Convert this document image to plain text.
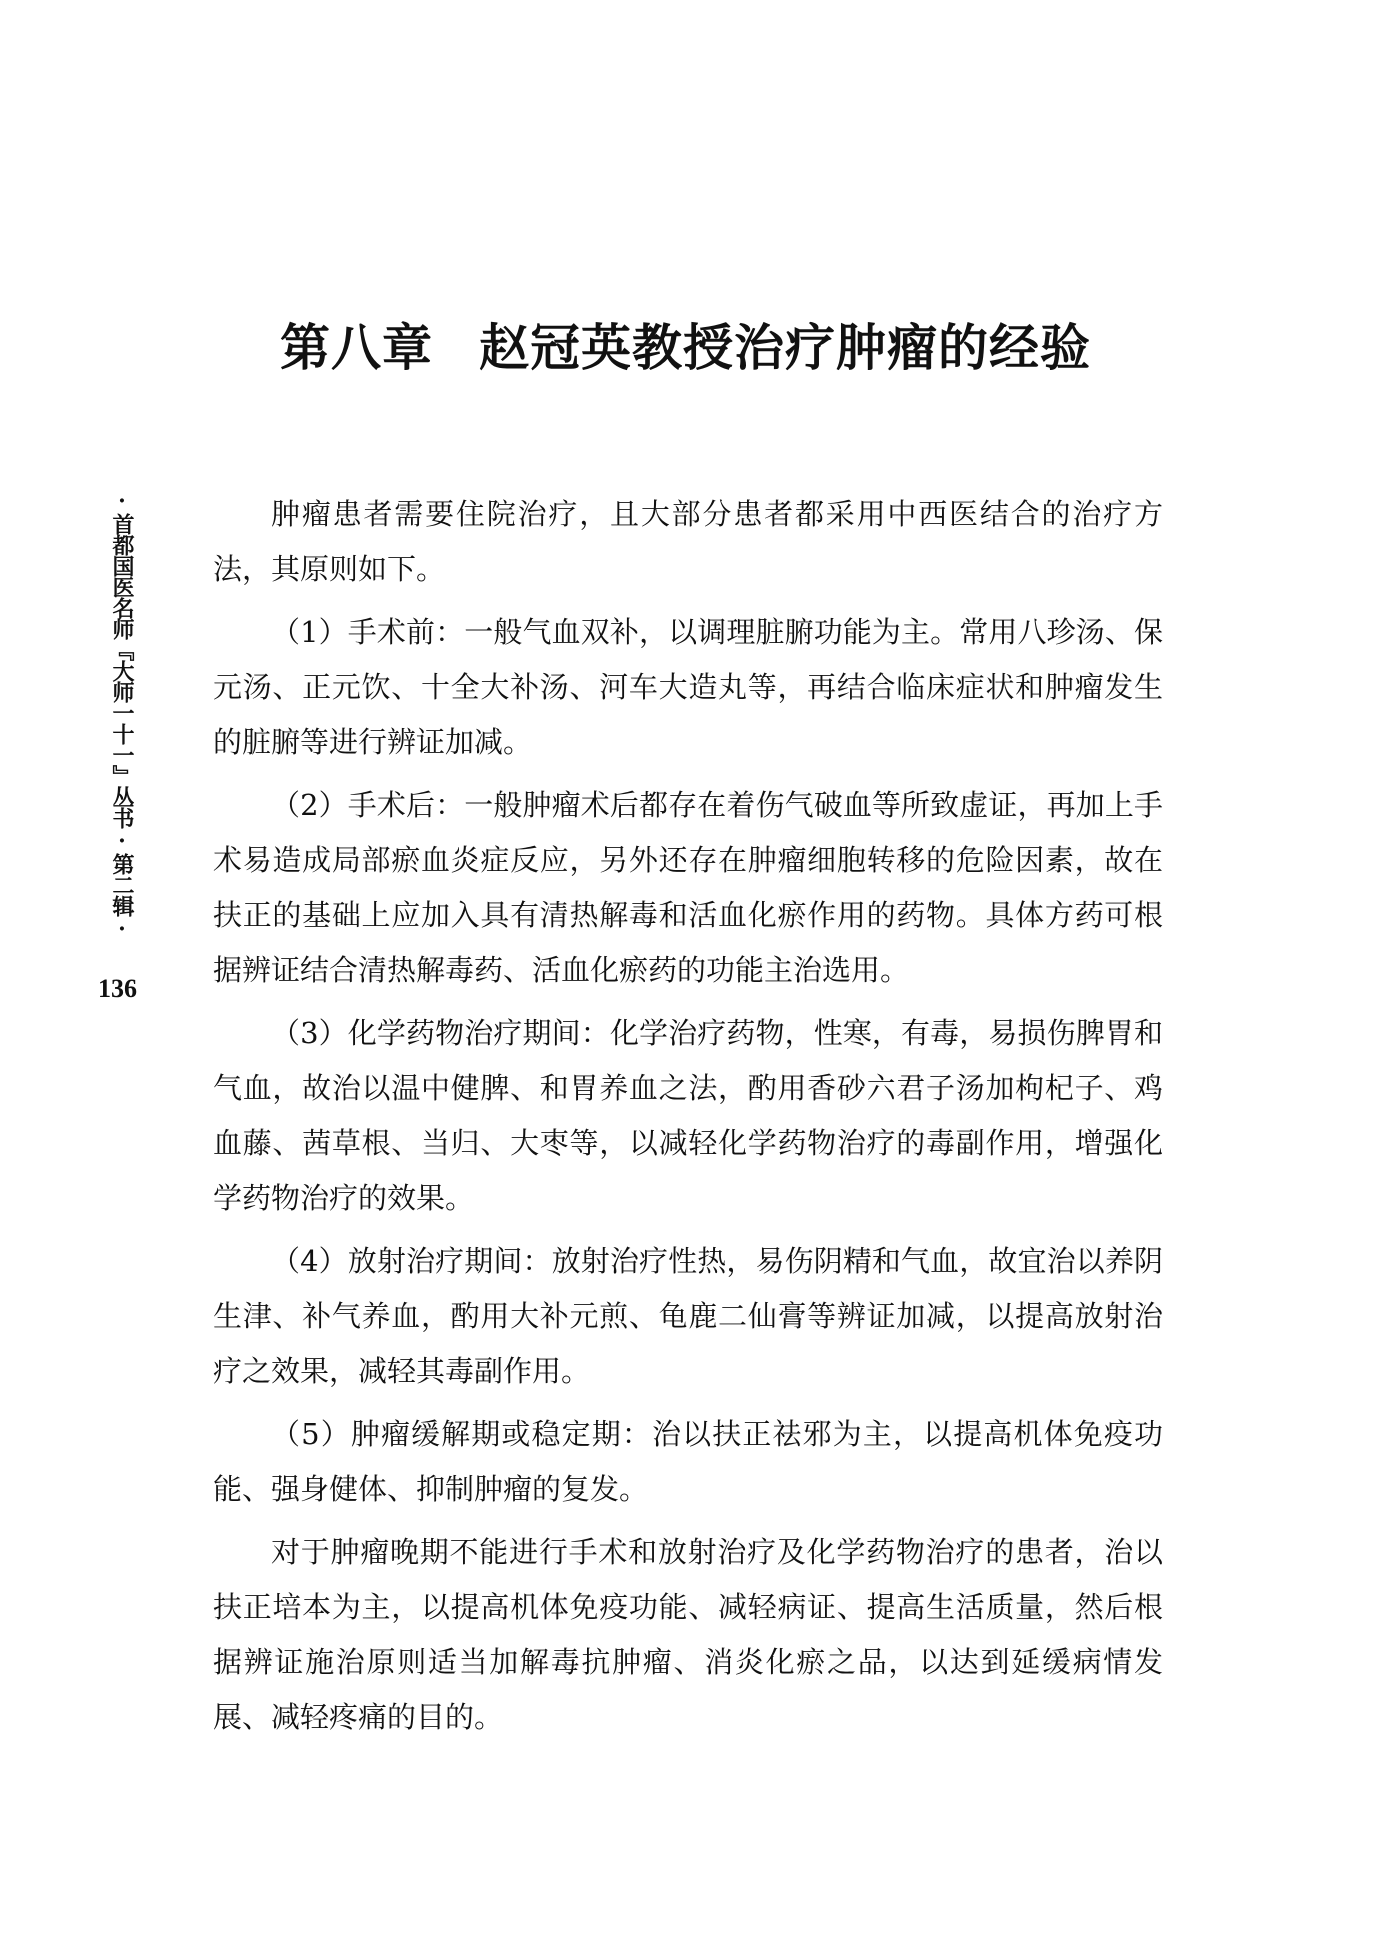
第八章 赵冠英教授治疗肿瘤的经验
·首都国医名师『大师一十一』丛书·第二辑·
136

肿瘤患者需要住院治疗，且大部分患者都采用中西医结合的治疗方法，其原则如下。

（1）手术前：一般气血双补，以调理脏腑功能为主。常用八珍汤、保元汤、正元饮、十全大补汤、河车大造丸等，再结合临床症状和肿瘤发生的脏腑等进行辨证加减。

（2）手术后：一般肿瘤术后都存在着伤气破血等所致虚证，再加上手术易造成局部瘀血炎症反应，另外还存在肿瘤细胞转移的危险因素，故在扶正的基础上应加入具有清热解毒和活血化瘀作用的药物。具体方药可根据辨证结合清热解毒药、活血化瘀药的功能主治选用。

（3）化学药物治疗期间：化学治疗药物，性寒，有毒，易损伤脾胃和气血，故治以温中健脾、和胃养血之法，酌用香砂六君子汤加枸杞子、鸡血藤、茜草根、当归、大枣等，以减轻化学药物治疗的毒副作用，增强化学药物治疗的效果。

（4）放射治疗期间：放射治疗性热，易伤阴精和气血，故宜治以养阴生津、补气养血，酌用大补元煎、龟鹿二仙膏等辨证加减，以提高放射治疗之效果，减轻其毒副作用。

（5）肿瘤缓解期或稳定期：治以扶正祛邪为主，以提高机体免疫功能、强身健体、抑制肿瘤的复发。

对于肿瘤晚期不能进行手术和放射治疗及化学药物治疗的患者，治以扶正培本为主，以提高机体免疫功能、减轻病证、提高生活质量，然后根据辨证施治原则适当加解毒抗肿瘤、消炎化瘀之品，以达到延缓病情发展、减轻疼痛的目的。
